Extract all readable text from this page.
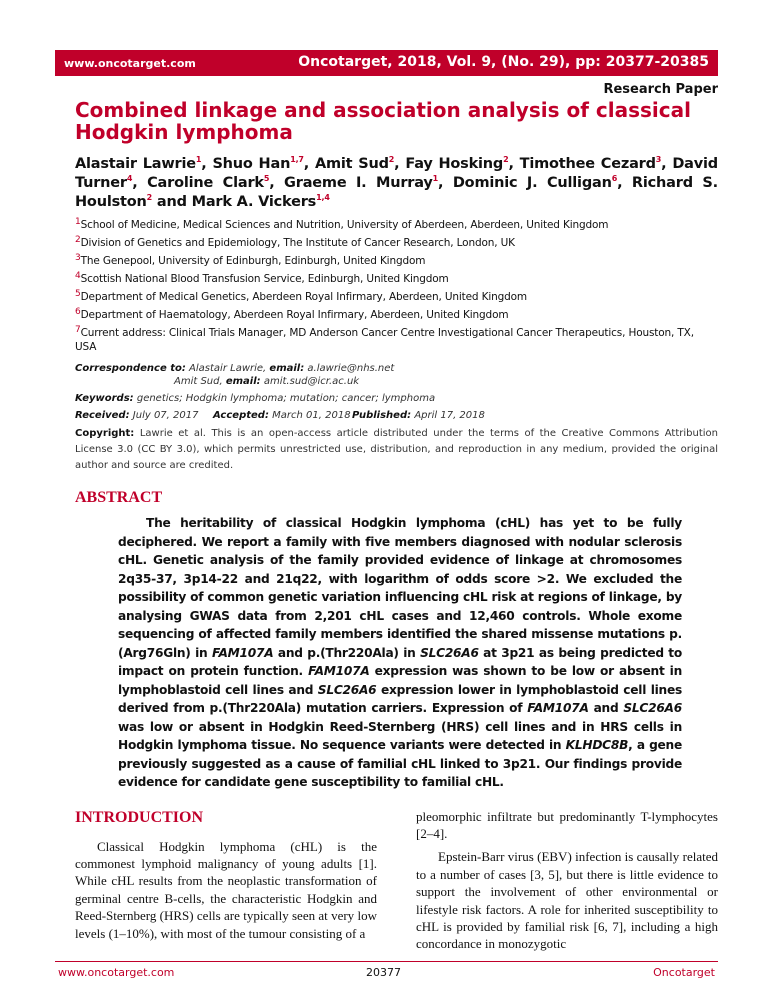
www.oncotarget.com	Oncotarget, 2018, Vol. 9, (No. 29), pp: 20377-20385
Research Paper
Combined linkage and association analysis of classical Hodgkin lymphoma
Alastair Lawrie$^1$, Shuo Han$^{1,7}$, Amit Sud$^2$, Fay Hosking$^2$, Timothee Cezard$^3$, David Turner$^4$, Caroline Clark$^5$, Graeme I. Murray$^1$, Dominic J. Culligan$^6$, Richard S. Houlston$^2$ and Mark A. Vickers$^{1,4}$
$^1$School of Medicine, Medical Sciences and Nutrition, University of Aberdeen, Aberdeen, United Kingdom
$^2$Division of Genetics and Epidemiology, The Institute of Cancer Research, London, UK
$^3$The Genepool, University of Edinburgh, Edinburgh, United Kingdom
$^4$Scottish National Blood Transfusion Service, Edinburgh, United Kingdom
$^5$Department of Medical Genetics, Aberdeen Royal Infirmary, Aberdeen, United Kingdom
$^6$Department of Haematology, Aberdeen Royal Infirmary, Aberdeen, United Kingdom
$^7$Current address: Clinical Trials Manager, MD Anderson Cancer Centre Investigational Cancer Therapeutics, Houston, TX, USA
Correspondence to: Alastair Lawrie, email: a.lawrie@nhs.net
Amit Sud, email: amit.sud@icr.ac.uk
Keywords: genetics; Hodgkin lymphoma; mutation; cancer; lymphoma
Received: July 07, 2017	Accepted: March 01, 2018 Published: April 17, 2018
Copyright: Lawrie et al. This is an open-access article distributed under the terms of the Creative Commons Attribution License 3.0 (CC BY 3.0), which permits unrestricted use, distribution, and reproduction in any medium, provided the original author and source are credited.
ABSTRACT
The heritability of classical Hodgkin lymphoma (cHL) has yet to be fully deciphered. We report a family with five members diagnosed with nodular sclerosis cHL. Genetic analysis of the family provided evidence of linkage at chromosomes 2q35-37, 3p14-22 and 21q22, with logarithm of odds score >2. We excluded the possibility of common genetic variation influencing cHL risk at regions of linkage, by analysing GWAS data from 2,201 cHL cases and 12,460 controls. Whole exome sequencing of affected family members identified the shared missense mutations p.(Arg76Gln) in FAM107A and p.(Thr220Ala) in SLC26A6 at 3p21 as being predicted to impact on protein function. FAM107A expression was shown to be low or absent in lymphoblastoid cell lines and SLC26A6 expression lower in lymphoblastoid cell lines derived from p.(Thr220Ala) mutation carriers. Expression of FAM107A and SLC26A6 was low or absent in Hodgkin Reed-Sternberg (HRS) cell lines and in HRS cells in Hodgkin lymphoma tissue. No sequence variants were detected in KLHDC8B, a gene previously suggested as a cause of familial cHL linked to 3p21. Our findings provide evidence for candidate gene susceptibility to familial cHL.
INTRODUCTION

Classical Hodgkin lymphoma (cHL) is the commonest lymphoid malignancy of young adults [1]. While cHL results from the neoplastic transformation of germinal centre B-cells, the characteristic Hodgkin and Reed-Sternberg (HRS) cells are typically seen at very low levels (1–10%), with most of the tumour consisting of a

pleomorphic infiltrate but predominantly T-lymphocytes [2–4].

Epstein-Barr virus (EBV) infection is causally related to a number of cases [3, 5], but there is little evidence to support the involvement of other environmental or lifestyle risk factors. A role for inherited susceptibility to cHL is provided by familial risk [6, 7], including a high concordance in monozygotic

www.oncotarget.com	20377	Oncotarget
